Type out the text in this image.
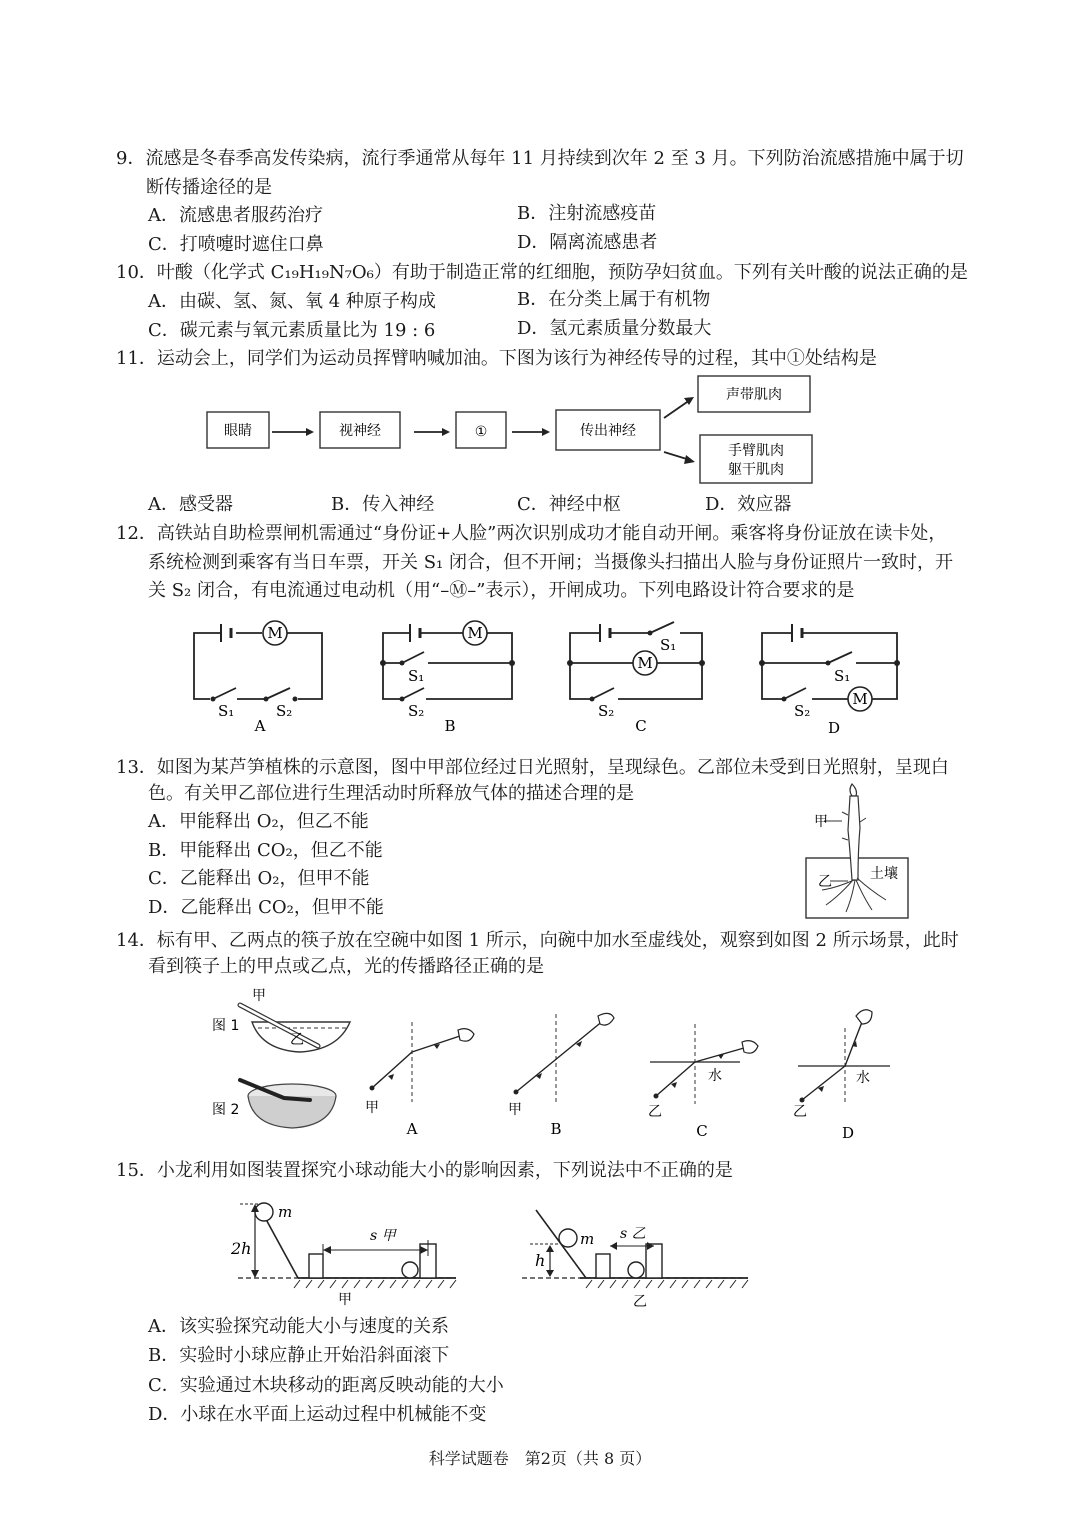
9．流感是冬春季高发传染病，流行季通常从每年 11 月持续到次年 2 至 3 月。下列防治流感措施中属于切
断传播途径的是
A．流感患者服药治疗	B．注射流感疫苗
C．打喷嚏时遮住口鼻	D．隔离流感患者
10．叶酸（化学式 C₁₉H₁₉N₇O₆）有助于制造正常的红细胞，预防孕妇贫血。下列有关叶酸的说法正确的是
A．由碳、氢、氮、氧 4 种原子构成	B．在分类上属于有机物
C．碳元素与氧元素质量比为 19 : 6	D．氢元素质量分数最大
11．运动会上，同学们为运动员挥臂呐喊加油。下图为该行为神经传导的过程，其中①处结构是
眼睛	视神经	①	传出神经
声带肌肉
手臂肌肉
躯干肌肉
M
S₁	S₂
A
M
S₁
S₂
B
M
S₁
S₂
C
M
S₁
S₂
D
甲
乙	土壤
图 1
甲
乙
图 2	甲
A
甲
B
水
乙
C
水
乙
D
m
2h
s 甲
甲
m
h
s 乙
乙
A．感受器	B．传入神经	C．神经中枢	D．效应器
12．高铁站自助检票闸机需通过“身份证+人脸”两次识别成功才能自动开闸。乘客将身份证放在读卡处，
系统检测到乘客有当日车票，开关 S₁ 闭合，但不开闸；当摄像头扫描出人脸与身份证照片一致时，开
关 S₂ 闭合，有电流通过电动机（用“–Ⓜ–”表示），开闸成功。下列电路设计符合要求的是
13．如图为某芦笋植株的示意图，图中甲部位经过日光照射，呈现绿色。乙部位未受到日光照射，呈现白
色。有关甲乙部位进行生理活动时所释放气体的描述合理的是
A．甲能释出 O₂，但乙不能
B．甲能释出 CO₂，但乙不能
C．乙能释出 O₂，但甲不能
D．乙能释出 CO₂，但甲不能
14．标有甲、乙两点的筷子放在空碗中如图 1 所示，向碗中加水至虚线处，观察到如图 2 所示场景，此时
看到筷子上的甲点或乙点，光的传播路径正确的是
15．小龙利用如图装置探究小球动能大小的影响因素，下列说法中不正确的是
A．该实验探究动能大小与速度的关系
B．实验时小球应静止开始沿斜面滚下
C．实验通过木块移动的距离反映动能的大小
D．小球在水平面上运动过程中机械能不变
科学试题卷　第2页（共 8 页）
